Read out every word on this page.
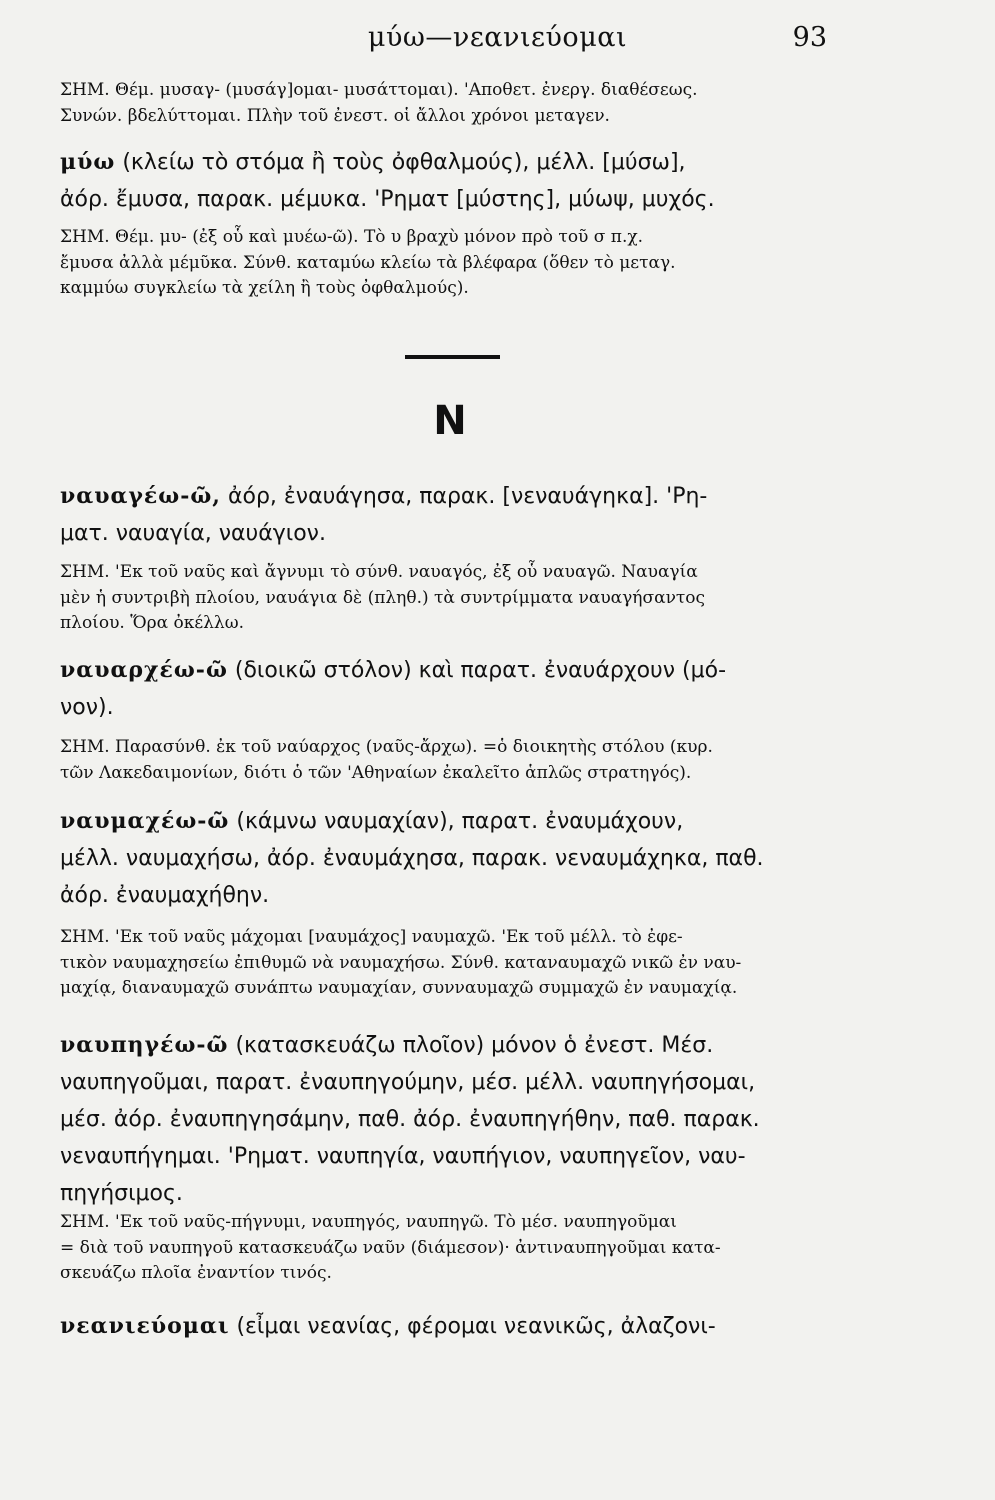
μύω—νεανιεύομαι	93
ΣΗΜ. Θέμ. μυσαγ- (μυσάγ]ομαι- μυσάττομαι). 'Αποθετ. ἐνεργ. διαθέσεως.
Συνών. βδελύττομαι. Πλὴν τοῦ ἐνεστ. οἱ ἄλλοι χρόνοι μεταγεν.
μύω (κλείω τὸ στόμα ἢ τοὺς ὀφθαλμούς), μέλλ. [μύσω],
ἀόρ. ἔμυσα, παρακ. μέμυκα. 'Ρηματ [μύστης], μύωψ, μυχός.
ΣΗΜ. Θέμ. μυ- (ἐξ οὗ καὶ μυέω-ῶ). Τὸ υ βραχὺ μόνον πρὸ τοῦ σ π.χ.
ἔμυσα ἀλλὰ μέμῦκα. Σύνθ. καταμύω κλείω τὰ βλέφαρα (ὅθεν τὸ μεταγ.
καμμύω συγκλείω τὰ χείλη ἢ τοὺς ὀφθαλμούς).
Ν
ναυαγέω-ῶ, ἀόρ, ἐναυάγησα, παρακ. [νεναυάγηκα]. 'Ρη-
ματ. ναυαγία, ναυάγιον.
ΣΗΜ. 'Εκ τοῦ ναῦς καὶ ἄγνυμι τὸ σύνθ. ναυαγός, ἐξ οὗ ναυαγῶ. Ναυαγία
μὲν ἡ συντριβὴ πλοίου, ναυάγια δὲ (πληθ.) τὰ συντρίμματα ναυαγήσαντος
πλοίου. Ὅρα ὀκέλλω.
ναυαρχέω-ῶ (διοικῶ στόλον) καὶ παρατ. ἐναυάρχουν (μό-
νον).
ΣΗΜ. Παρασύνθ. ἐκ τοῦ ναύαρχος (ναῦς-ἄρχω). =ὁ διοικητὴς στόλου (κυρ.
τῶν Λακεδαιμονίων, διότι ὁ τῶν 'Αθηναίων ἐκαλεῖτο ἁπλῶς στρατηγός).
ναυμαχέω-ῶ (κάμνω ναυμαχίαν), παρατ. ἐναυμάχουν,
μέλλ. ναυμαχήσω, ἀόρ. ἐναυμάχησα, παρακ. νεναυμάχηκα, παθ.
ἀόρ. ἐναυμαχήθην.
ΣΗΜ. 'Εκ τοῦ ναῦς μάχομαι [ναυμάχος] ναυμαχῶ. 'Εκ τοῦ μέλλ. τὸ ἐφε-
τικὸν ναυμαχησείω ἐπιθυμῶ νὰ ναυμαχήσω. Σύνθ. καταναυμαχῶ νικῶ ἐν ναυ-
μαχίᾳ, διαναυμαχῶ συνάπτω ναυμαχίαν, συνναυμαχῶ συμμαχῶ ἐν ναυμαχίᾳ.
ναυπηγέω-ῶ (κατασκευάζω πλοῖον) μόνον ὁ ἐνεστ. Μέσ.
ναυπηγοῦμαι, παρατ. ἐναυπηγούμην, μέσ. μέλλ. ναυπηγήσομαι,
μέσ. ἀόρ. ἐναυπηγησάμην, παθ. ἀόρ. ἐναυπηγήθην, παθ. παρακ.
νεναυπήγημαι. 'Ρηματ. ναυπηγία, ναυπήγιον, ναυπηγεῖον, ναυ-
πηγήσιμος.
ΣΗΜ. 'Εκ τοῦ ναῦς-πήγνυμι, ναυπηγός, ναυπηγῶ. Τὸ μέσ. ναυπηγοῦμαι
= διὰ τοῦ ναυπηγοῦ κατασκευάζω ναῦν (διάμεσον)· ἀντιναυπηγοῦμαι κατα-
σκευάζω πλοῖα ἐναντίον τινός.
νεανιεύομαι (εἶμαι νεανίας, φέρομαι νεανικῶς, ἀλαζονι-
